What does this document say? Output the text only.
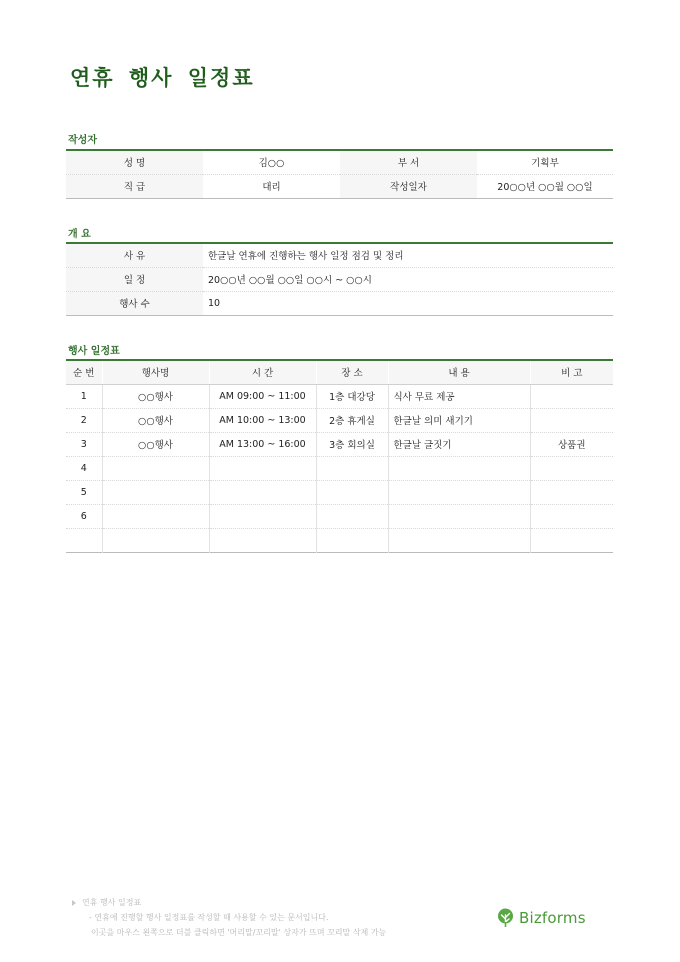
연휴 행사 일정표
작성자
성 명	김○○	부 서	기획부
직 급	대리	작성일자	20○○년 ○○월 ○○일
개 요
사 유	한글날 연휴에 진행하는 행사 일정 점검 및 정리
일 정	20○○년 ○○월 ○○일 ○○시 ~ ○○시
행사 수	10
행사 일정표
순 번	행사명	시 간	장 소	내 용	비 고
1	○○행사	AM 09:00 ~ 11:00	1층 대강당	식사 무료 제공	
2	○○행사	AM 10:00 ~ 13:00	2층 휴게실	한글날 의미 새기기	
3	○○행사	AM 13:00 ~ 16:00	3층 회의실	한글날 글짓기	상품권
4					
5					
6					

연휴 행사 일정표
- 연휴에 진행할 행사 일정표를 작성할 때 사용할 수 있는 문서입니다.
이곳을 마우스 왼쪽으로 더블 클릭하면 '머리말/꼬리말' 상자가 뜨며 꼬리말 삭제 가능
Bizforms
